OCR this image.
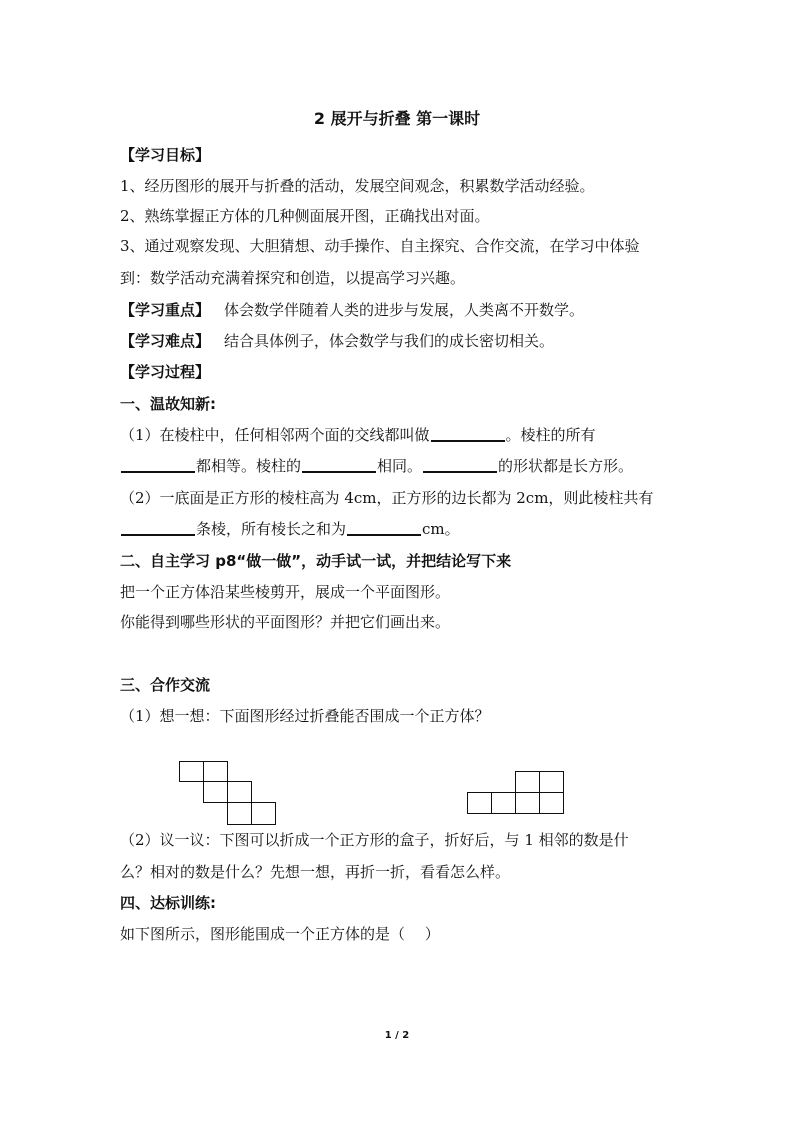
2 展开与折叠 第一课时
【学习目标】
1、经历图形的展开与折叠的活动，发展空间观念，积累数学活动经验。
2、熟练掌握正方体的几种侧面展开图，正确找出对面。
3、通过观察发现、大胆猜想、动手操作、自主探究、合作交流，在学习中体验
到：数学活动充满着探究和创造，以提高学习兴趣。
【学习重点】 体会数学伴随着人类的进步与发展，人类离不开数学。
【学习难点】 结合具体例子，体会数学与我们的成长密切相关。
【学习过程】
一、温故知新:
（1）在棱柱中，任何相邻两个面的交线都叫做	。棱柱的所有
都相等。棱柱的	相同。	的形状都是长方形。
（2）一底面是正方形的棱柱高为 4cm，正方形的边长都为 2cm，则此棱柱共有
条棱，所有棱长之和为	cm。
二、自主学习 p8“做一做”，动手试一试，并把结论写下来
把一个正方体沿某些棱剪开，展成一个平面图形。
你能得到哪些形状的平面图形？并把它们画出来。
三、合作交流
（1）想一想：下面图形经过折叠能否围成一个正方体？
（2）议一议：下图可以折成一个正方形的盒子，折好后，与 1 相邻的数是什
么？相对的数是什么？先想一想，再折一折，看看怎么样。
四、达标训练:
如下图所示，图形能围成一个正方体的是（　 ）
1 / 2
